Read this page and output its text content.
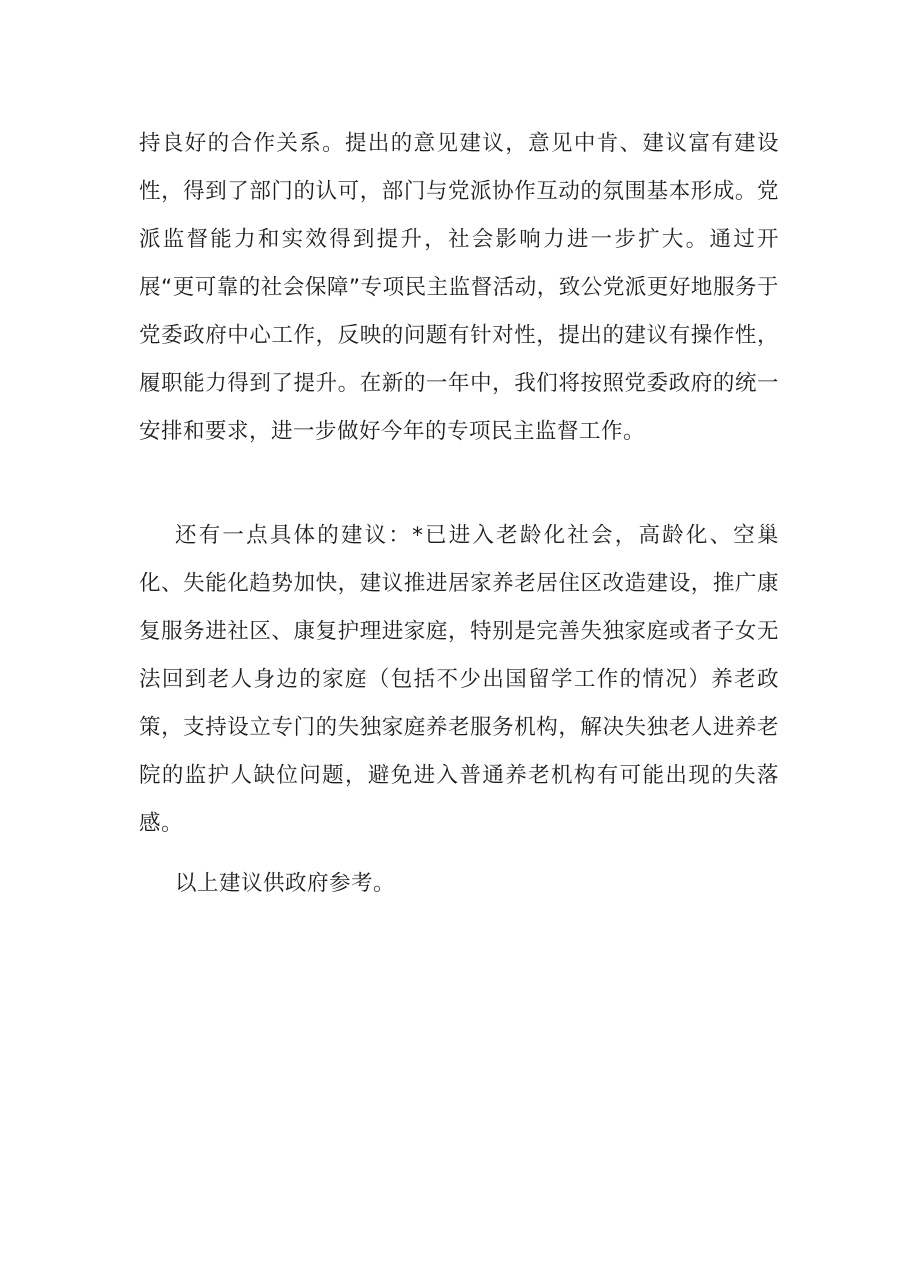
持良好的合作关系。提出的意见建议，意见中肯、建议富有建设性，得到了部门的认可，部门与党派协作互动的氛围基本形成。党派监督能力和实效得到提升，社会影响力进一步扩大。通过开展“更可靠的社会保障”专项民主监督活动，致公党派更好地服务于党委政府中心工作，反映的问题有针对性，提出的建议有操作性，履职能力得到了提升。在新的一年中，我们将按照党委政府的统一安排和要求，进一步做好今年的专项民主监督工作。

还有一点具体的建议：*已进入老龄化社会，高龄化、空巢化、失能化趋势加快，建议推进居家养老居住区改造建设，推广康复服务进社区、康复护理进家庭，特别是完善失独家庭或者子女无法回到老人身边的家庭（包括不少出国留学工作的情况）养老政策，支持设立专门的失独家庭养老服务机构，解决失独老人进养老院的监护人缺位问题，避免进入普通养老机构有可能出现的失落感。

以上建议供政府参考。
